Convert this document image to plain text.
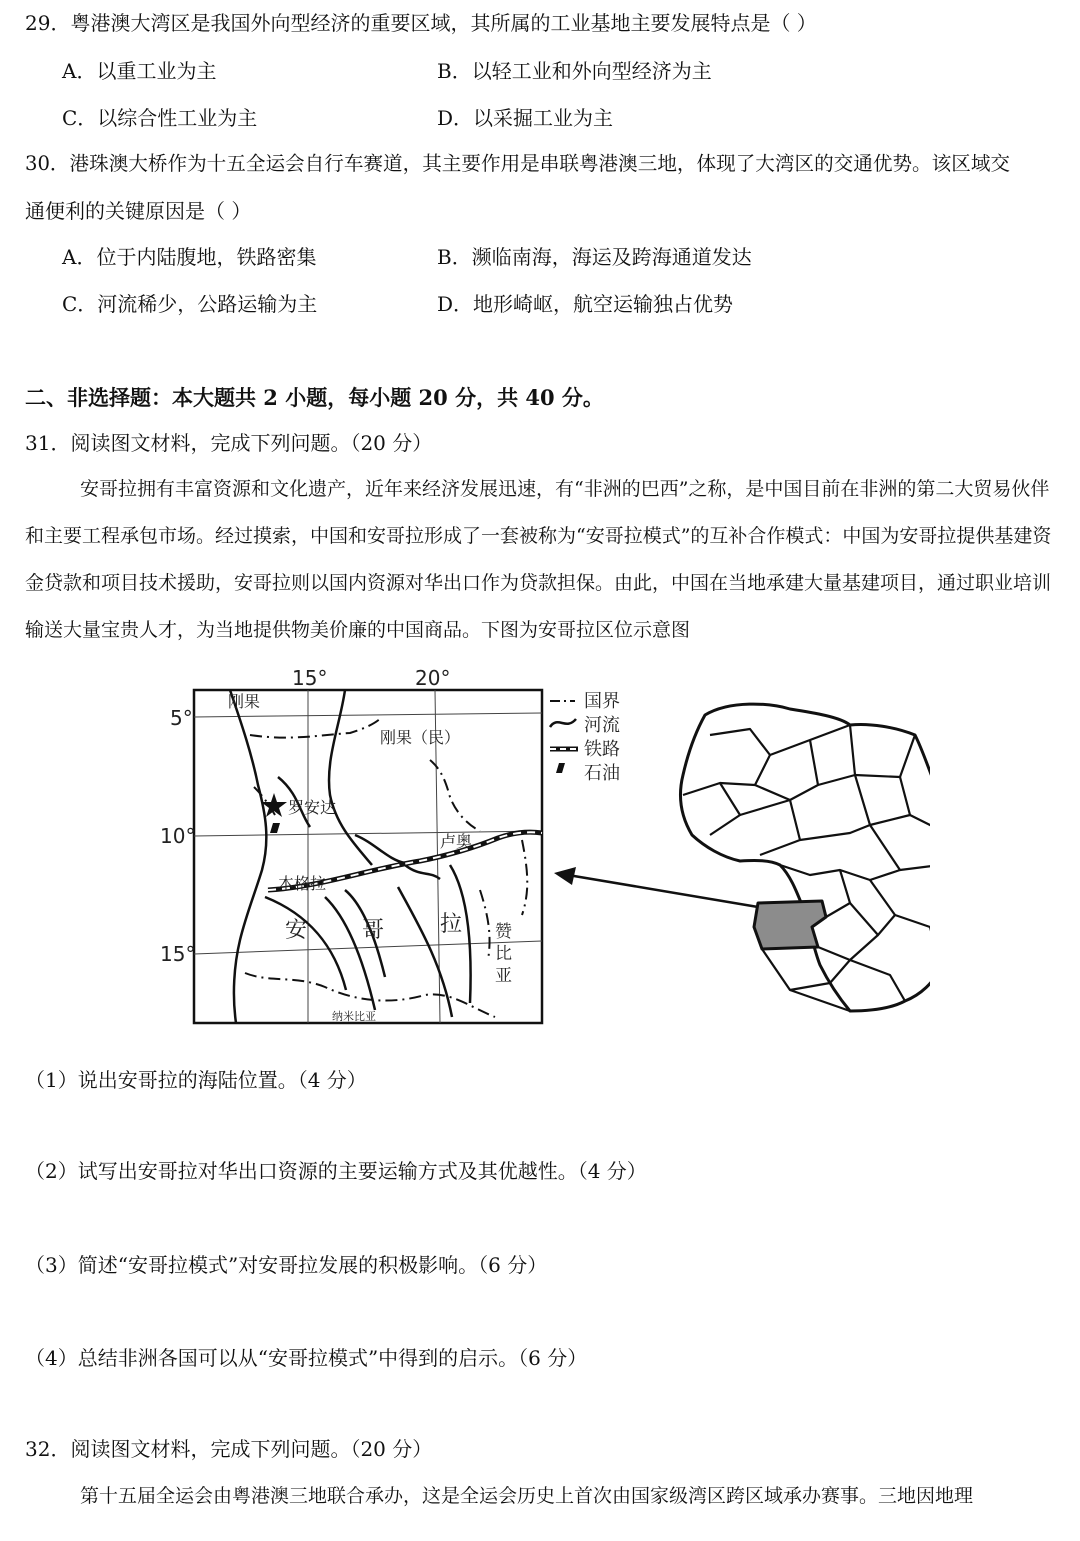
29．粤港澳大湾区是我国外向型经济的重要区域，其所属的工业基地主要发展特点是（ ）
A．以重工业为主	B．以轻工业和外向型经济为主
C．以综合性工业为主	D．以采掘工业为主
30．港珠澳大桥作为十五全运会自行车赛道，其主要作用是串联粤港澳三地，体现了大湾区的交通优势。该区域交
通便利的关键原因是（ ）
A．位于内陆腹地，铁路密集	B．濒临南海，海运及跨海通道发达
C．河流稀少，公路运输为主	D．地形崎岖，航空运输独占优势
二、非选择题：本大题共 2 小题，每小题 20 分，共 40 分。
31．阅读图文材料，完成下列问题。（20 分）
安哥拉拥有丰富资源和文化遗产，近年来经济发展迅速，有“非洲的巴西”之称，是中国目前在非洲的第二大贸易伙伴和主要工程承包市场。经过摸索，中国和安哥拉形成了一套被称为“安哥拉模式”的互补合作模式：中国为安哥拉提供基建资金贷款和项目技术援助，安哥拉则以国内资源对华出口作为贷款担保。由此，中国在当地承建大量基建项目，通过职业培训输送大量宝贵人才，为当地提供物美价廉的中国商品。下图为安哥拉区位示意图
15°	20°
5°
10°
15°
刚果
刚果（民）
罗安达
卢奥
本格拉
安 哥	拉 赞
比
亚
纳米比亚
国界
河流
铁路
石油
（1）说出安哥拉的海陆位置。（4 分）
（2）试写出安哥拉对华出口资源的主要运输方式及其优越性。（4 分）
（3）简述“安哥拉模式”对安哥拉发展的积极影响。（6 分）
（4）总结非洲各国可以从“安哥拉模式”中得到的启示。（6 分）
32．阅读图文材料，完成下列问题。（20 分）
第十五届全运会由粤港澳三地联合承办，这是全运会历史上首次由国家级湾区跨区域承办赛事。三地因地理
